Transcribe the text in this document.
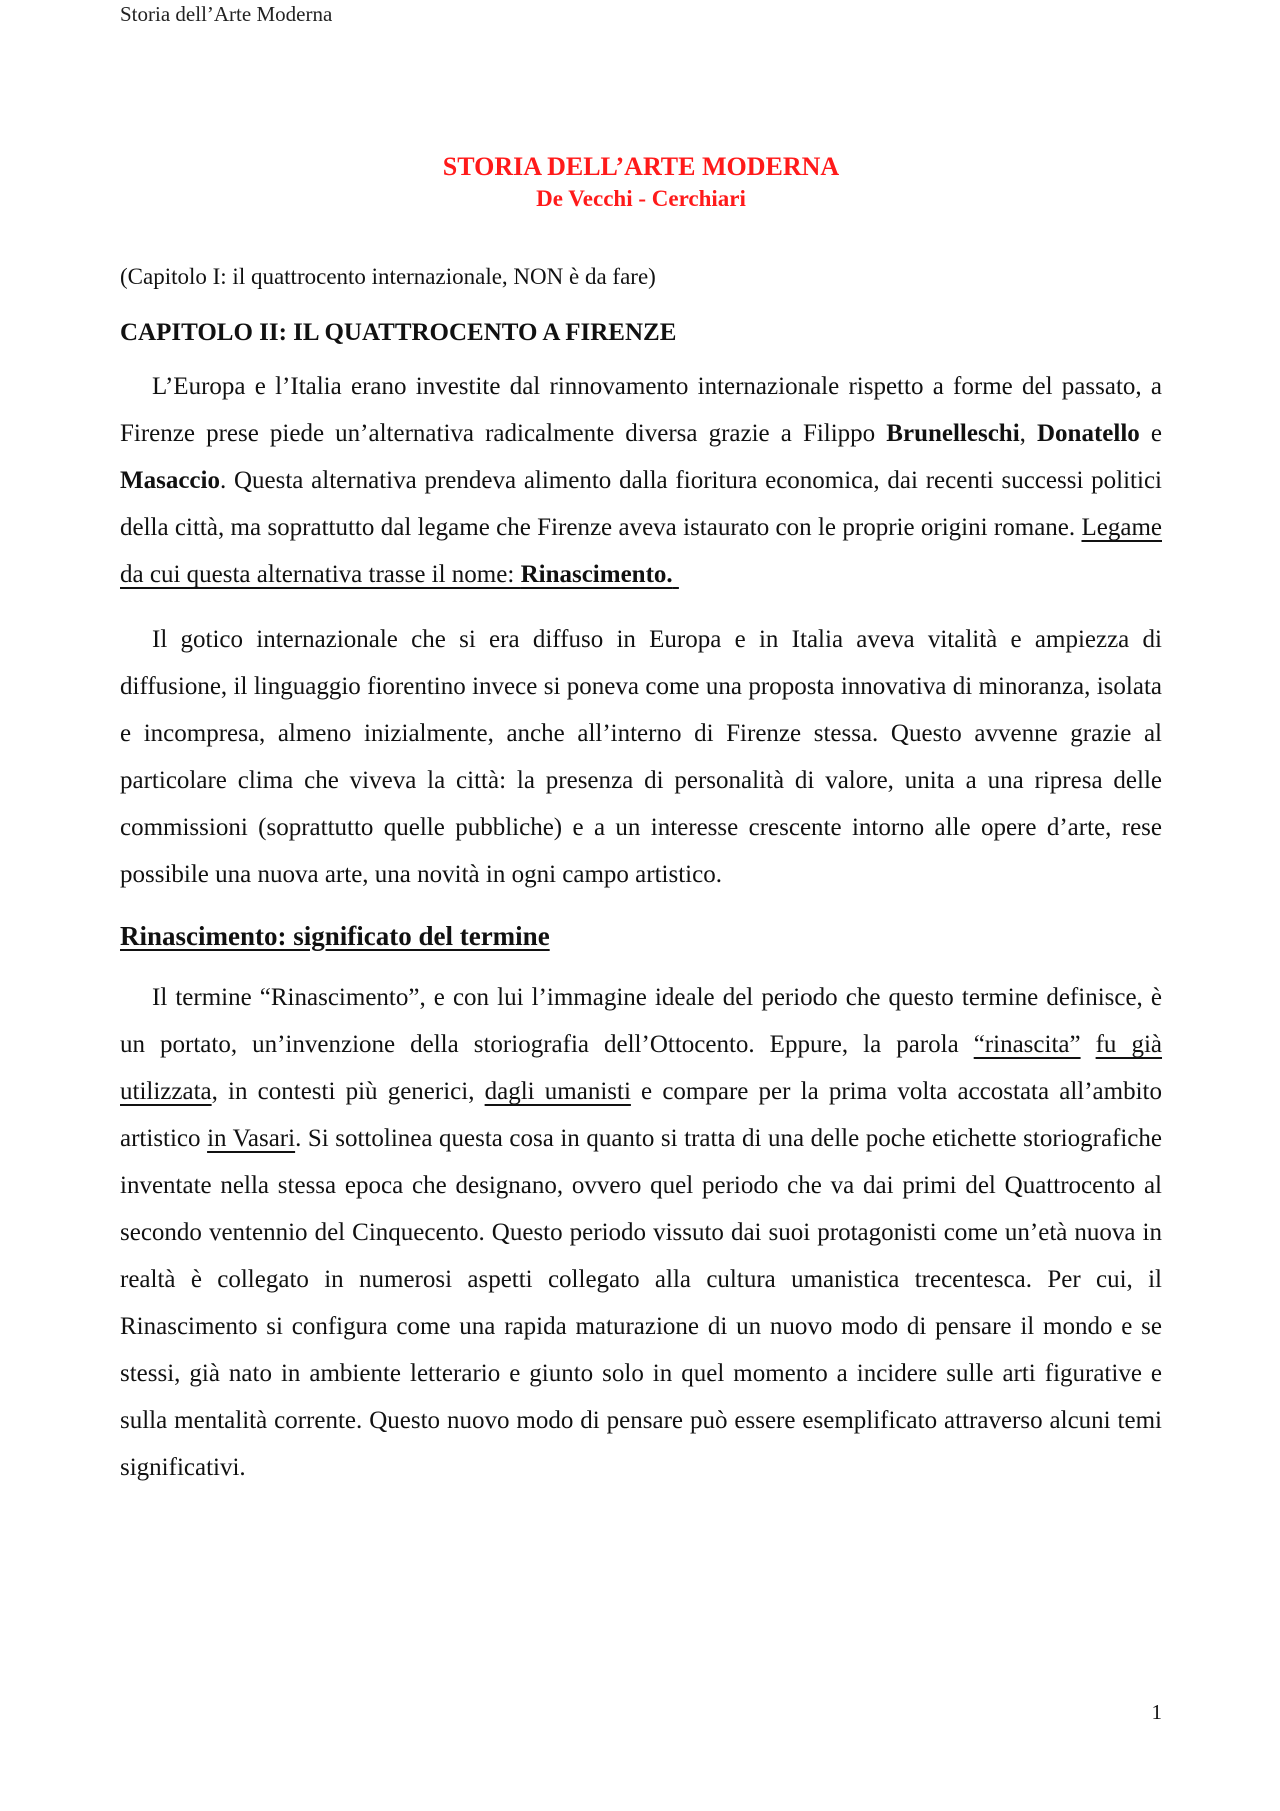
Storia dell’Arte Moderna
STORIA DELL’ARTE MODERNA
De Vecchi - Cerchiari

(Capitolo I: il quattrocento internazionale, NON è da fare)

CAPITOLO II: IL QUATTROCENTO A FIRENZE

L’Europa e l’Italia erano investite dal rinnovamento internazionale rispetto a forme del passato, a Firenze prese piede un’alternativa radicalmente diversa grazie a Filippo Brunelleschi, Donatello e Masaccio. Questa alternativa prendeva alimento dalla fioritura economica, dai recenti successi politici della città, ma soprattutto dal legame che Firenze aveva istaurato con le proprie origini romane. Legame da cui questa alternativa trasse il nome: Rinascimento.

Il gotico internazionale che si era diffuso in Europa e in Italia aveva vitalità e ampiezza di diffusione, il linguaggio fiorentino invece si poneva come una proposta innovativa di minoranza, isolata e incompresa, almeno inizialmente, anche all’interno di Firenze stessa. Questo avvenne grazie al particolare clima che viveva la città: la presenza di personalità di valore, unita a una ripresa delle commissioni (soprattutto quelle pubbliche) e a un interesse crescente intorno alle opere d’arte, rese possibile una nuova arte, una novità in ogni campo artistico.

Rinascimento: significato del termine

Il termine “Rinascimento”, e con lui l’immagine ideale del periodo che questo termine definisce, è un portato, un’invenzione della storiografia dell’Ottocento. Eppure, la parola “rinascita” fu già utilizzata, in contesti più generici, dagli umanisti e compare per la prima volta accostata all’ambito artistico in Vasari. Si sottolinea questa cosa in quanto si tratta di una delle poche etichette storiografiche inventate nella stessa epoca che designano, ovvero quel periodo che va dai primi del Quattrocento al secondo ventennio del Cinquecento. Questo periodo vissuto dai suoi protagonisti come un’età nuova in realtà è collegato in numerosi aspetti collegato alla cultura umanistica trecentesca. Per cui, il Rinascimento si configura come una rapida maturazione di un nuovo modo di pensare il mondo e se stessi, già nato in ambiente letterario e giunto solo in quel momento a incidere sulle arti figurative e sulla mentalità corrente. Questo nuovo modo di pensare può essere esemplificato attraverso alcuni temi significativi.

1
